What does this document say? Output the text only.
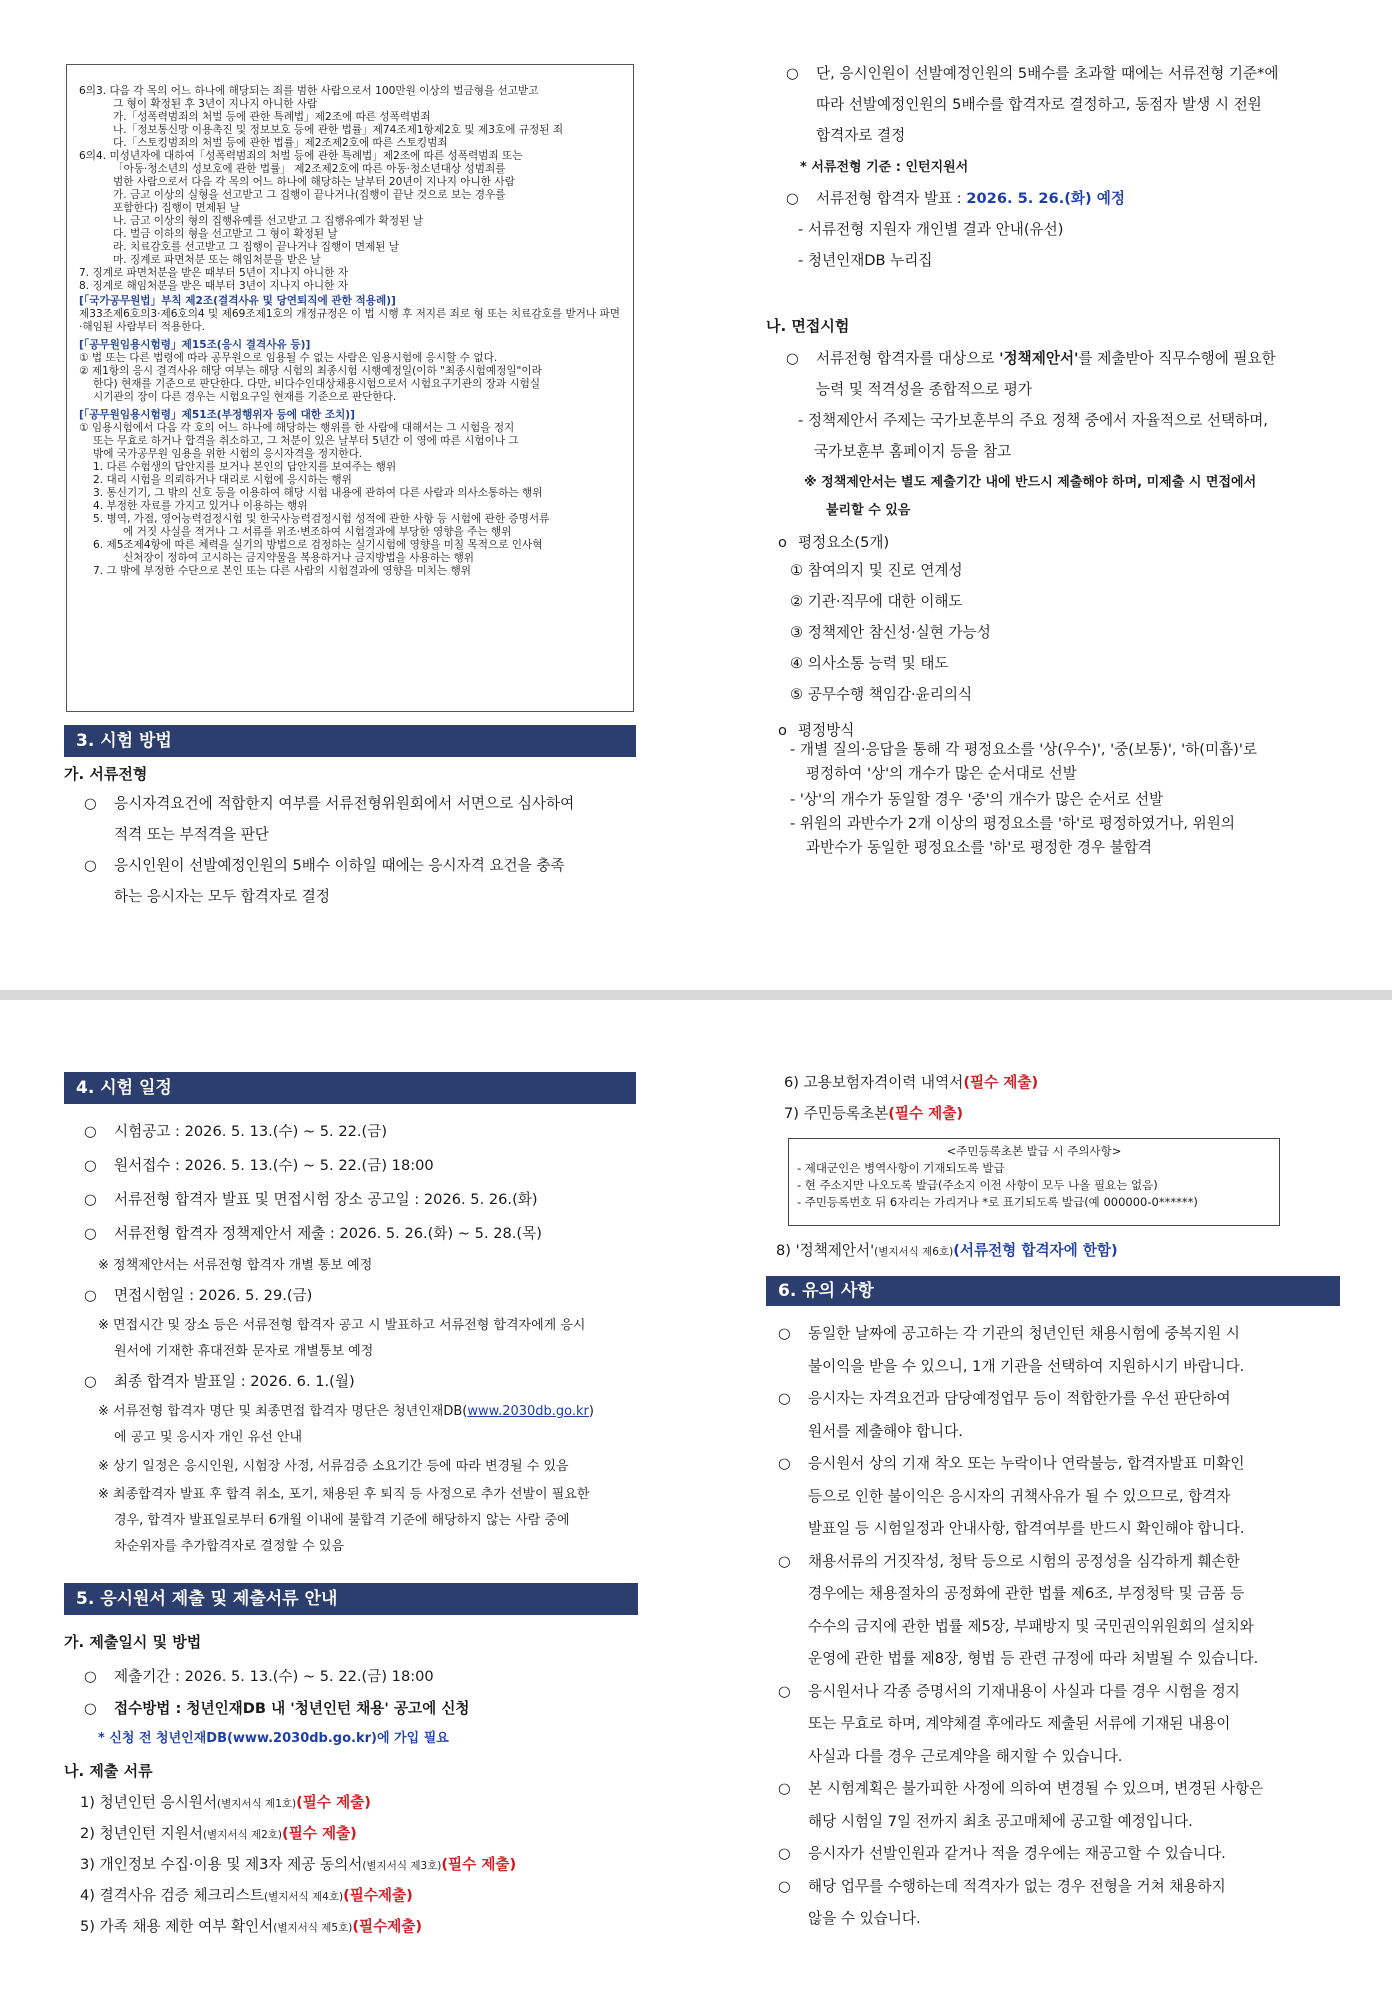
6의3. 다음 각 목의 어느 하나에 해당되는 죄를 범한 사람으로서 100만원 이상의 벌금형을 선고받고

그 형이 확정된 후 3년이 지나지 아니한 사람

가.「성폭력범죄의 처벌 등에 관한 특례법」제2조에 따른 성폭력범죄

나.「정보통신망 이용촉진 및 정보보호 등에 관한 법률」제74조제1항제2호 및 제3호에 규정된 죄

다.「스토킹범죄의 처벌 등에 관한 법률」제2조제2호에 따른 스토킹범죄

6의4. 미성년자에 대하여「성폭력범죄의 처벌 등에 관한 특례법」제2조에 따른 성폭력범죄 또는

「아동·청소년의 성보호에 관한 법률」 제2조제2호에 따른 아동·청소년대상 성범죄를

범한 사람으로서 다음 각 목의 어느 하나에 해당하는 날부터 20년이 지나지 아니한 사람

가. 금고 이상의 실형을 선고받고 그 집행이 끝나거나(집행이 끝난 것으로 보는 경우를

포함한다) 집행이 면제된 날

나. 금고 이상의 형의 집행유예를 선고받고 그 집행유예가 확정된 날

다. 벌금 이하의 형을 선고받고 그 형이 확정된 날

라. 치료감호를 선고받고 그 집행이 끝나거나 집행이 면제된 날

마. 징계로 파면처분 또는 해임처분을 받은 날

7. 징계로 파면처분을 받은 때부터 5년이 지나지 아니한 자

8. 징계로 해임처분을 받은 때부터 3년이 지나지 아니한 자

[「국가공무원법」부칙 제2조(결격사유 및 당연퇴직에 관한 적용례)]

제33조제6호의3·제6호의4 및 제69조제1호의 개정규정은 이 법 시행 후 저지른 죄로 형 또는 치료감호를 받거나 파면·해임된 사람부터 적용한다.

[「공무원임용시험령」제15조(응시 결격사유 등)]

① 법 또는 다른 법령에 따라 공무원으로 임용될 수 없는 사람은 임용시험에 응시할 수 없다.

② 제1항의 응시 결격사유 해당 여부는 해당 시험의 최종시험 시행예정일(이하 "최종시험예정일"이라

한다) 현재를 기준으로 판단한다. 다만, 비다수인대상채용시험으로서 시험요구기관의 장과 시험실

시기관의 장이 다른 경우는 시험요구일 현재를 기준으로 판단한다.

[「공무원임용시험령」제51조(부정행위자 등에 대한 조치)]

① 임용시험에서 다음 각 호의 어느 하나에 해당하는 행위를 한 사람에 대해서는 그 시험을 정지

또는 무효로 하거나 합격을 취소하고, 그 처분이 있은 날부터 5년간 이 영에 따른 시험이나 그

밖에 국가공무원 임용을 위한 시험의 응시자격을 정지한다.

1. 다른 수험생의 답안지를 보거나 본인의 답안지를 보여주는 행위

2. 대리 시험을 의뢰하거나 대리로 시험에 응시하는 행위

3. 통신기기, 그 밖의 신호 등을 이용하여 해당 시험 내용에 관하여 다른 사람과 의사소통하는 행위

4. 부정한 자료를 가지고 있거나 이용하는 행위

5. 병역, 가점, 영어능력검정시험 및 한국사능력검정시험 성적에 관한 사항 등 시험에 관한 증명서류

에 거짓 사실을 적거나 그 서류를 위조·변조하여 시험결과에 부당한 영향을 주는 행위

6. 제5조제4항에 따른 체력을 실기의 방법으로 검정하는 실기시험에 영향을 미칠 목적으로 인사혁

신처장이 정하여 고시하는 금지약물을 복용하거나 금지방법을 사용하는 행위

7. 그 밖에 부정한 수단으로 본인 또는 다른 사람의 시험결과에 영향을 미치는 행위

3. 시험 방법
가. 서류전형
○ 응시자격요건에 적합한지 여부를 서류전형위원회에서 서면으로 심사하여
적격 또는 부적격을 판단
○ 응시인원이 선발예정인원의 5배수 이하일 때에는 응시자격 요건을 충족
하는 응시자는 모두 합격자로 결정
○ 단, 응시인원이 선발예정인원의 5배수를 초과할 때에는 서류전형 기준*에
따라 선발예정인원의 5배수를 합격자로 결정하고, 동점자 발생 시 전원
합격자로 결정
* 서류전형 기준 : 인턴지원서
○ 서류전형 합격자 발표 : 2026. 5. 26.(화) 예정
- 서류전형 지원자 개인별 결과 안내(유선)
- 청년인재DB 누리집
나. 면접시험
○ 서류전형 합격자를 대상으로 '정책제안서'를 제출받아 직무수행에 필요한
능력 및 적격성을 종합적으로 평가
- 정책제안서 주제는 국가보훈부의 주요 정책 중에서 자율적으로 선택하며,
국가보훈부 홈페이지 등을 참고
※ 정책제안서는 별도 제출기간 내에 반드시 제출해야 하며, 미제출 시 면접에서
불리할 수 있음
o 평정요소(5개)
① 참여의지 및 진로 연계성
② 기관·직무에 대한 이해도
③ 정책제안 참신성·실현 가능성
④ 의사소통 능력 및 태도
⑤ 공무수행 책임감·윤리의식
o 평정방식
- 개별 질의·응답을 통해 각 평정요소를 '상(우수)', '중(보통)', '하(미흡)'로
평정하여 '상'의 개수가 많은 순서대로 선발
- '상'의 개수가 동일할 경우 '중'의 개수가 많은 순서로 선발
- 위원의 과반수가 2개 이상의 평정요소를 '하'로 평정하였거나, 위원의
과반수가 동일한 평정요소를 '하'로 평정한 경우 불합격
4. 시험 일정
○ 시험공고 : 2026. 5. 13.(수) ~ 5. 22.(금)
○ 원서접수 : 2026. 5. 13.(수) ~ 5. 22.(금) 18:00
○ 서류전형 합격자 발표 및 면접시험 장소 공고일 : 2026. 5. 26.(화)
○ 서류전형 합격자 정책제안서 제출 : 2026. 5. 26.(화) ~ 5. 28.(목)
※ 정책제안서는 서류전형 합격자 개별 통보 예정
○ 면접시험일 : 2026. 5. 29.(금)
※ 면접시간 및 장소 등은 서류전형 합격자 공고 시 발표하고 서류전형 합격자에게 응시
원서에 기재한 휴대전화 문자로 개별통보 예정
○ 최종 합격자 발표일 : 2026. 6. 1.(월)
※ 서류전형 합격자 명단 및 최종면접 합격자 명단은 청년인재DB(www.2030db.go.kr)
에 공고 및 응시자 개인 유선 안내
※ 상기 일정은 응시인원, 시험장 사정, 서류검증 소요기간 등에 따라 변경될 수 있음
※ 최종합격자 발표 후 합격 취소, 포기, 채용된 후 퇴직 등 사정으로 추가 선발이 필요한
경우, 합격자 발표일로부터 6개월 이내에 불합격 기준에 해당하지 않는 사람 중에
차순위자를 추가합격자로 결정할 수 있음
5. 응시원서 제출 및 제출서류 안내
가. 제출일시 및 방법
○ 제출기간 : 2026. 5. 13.(수) ~ 5. 22.(금) 18:00
○ 접수방법 : 청년인재DB 내 '청년인턴 채용' 공고에 신청
* 신청 전 청년인재DB(www.2030db.go.kr)에 가입 필요
나. 제출 서류
1) 청년인턴 응시원서(별지서식 제1호)(필수 제출)
2) 청년인턴 지원서(별지서식 제2호)(필수 제출)
3) 개인정보 수집·이용 및 제3자 제공 동의서(별지서식 제3호)(필수 제출)
4) 결격사유 검증 체크리스트(별지서식 제4호)(필수제출)
5) 가족 채용 제한 여부 확인서(별지서식 제5호)(필수제출)
6) 고용보험자격이력 내역서(필수 제출)
7) 주민등록초본(필수 제출)
<주민등록초본 발급 시 주의사항>
- 제대군인은 병역사항이 기재되도록 발급
- 현 주소지만 나오도록 발급(주소지 이전 사항이 모두 나올 필요는 없음)
- 주민등록번호 뒤 6자리는 가리거나 *로 표기되도록 발급(예 000000-0******)
8) '정책제안서'(별지서식 제6호)(서류전형 합격자에 한함)
6. 유의 사항
○ 동일한 날짜에 공고하는 각 기관의 청년인턴 채용시험에 중복지원 시
불이익을 받을 수 있으니, 1개 기관을 선택하여 지원하시기 바랍니다.
○ 응시자는 자격요건과 담당예정업무 등이 적합한가를 우선 판단하여
원서를 제출해야 합니다.
○ 응시원서 상의 기재 착오 또는 누락이나 연락불능, 합격자발표 미확인
등으로 인한 불이익은 응시자의 귀책사유가 될 수 있으므로, 합격자
발표일 등 시험일정과 안내사항, 합격여부를 반드시 확인해야 합니다.
○ 채용서류의 거짓작성, 청탁 등으로 시험의 공정성을 심각하게 훼손한
경우에는 채용절차의 공정화에 관한 법률 제6조, 부정청탁 및 금품 등
수수의 금지에 관한 법률 제5장, 부패방지 및 국민권익위원회의 설치와
운영에 관한 법률 제8장, 형법 등 관련 규정에 따라 처벌될 수 있습니다.
○ 응시원서나 각종 증명서의 기재내용이 사실과 다를 경우 시험을 정지
또는 무효로 하며, 계약체결 후에라도 제출된 서류에 기재된 내용이
사실과 다를 경우 근로계약을 해지할 수 있습니다.
○ 본 시험계획은 불가피한 사정에 의하여 변경될 수 있으며, 변경된 사항은
해당 시험일 7일 전까지 최초 공고매체에 공고할 예정입니다.
○ 응시자가 선발인원과 같거나 적을 경우에는 재공고할 수 있습니다.
○ 해당 업무를 수행하는데 적격자가 없는 경우 전형을 거쳐 채용하지
않을 수 있습니다.
